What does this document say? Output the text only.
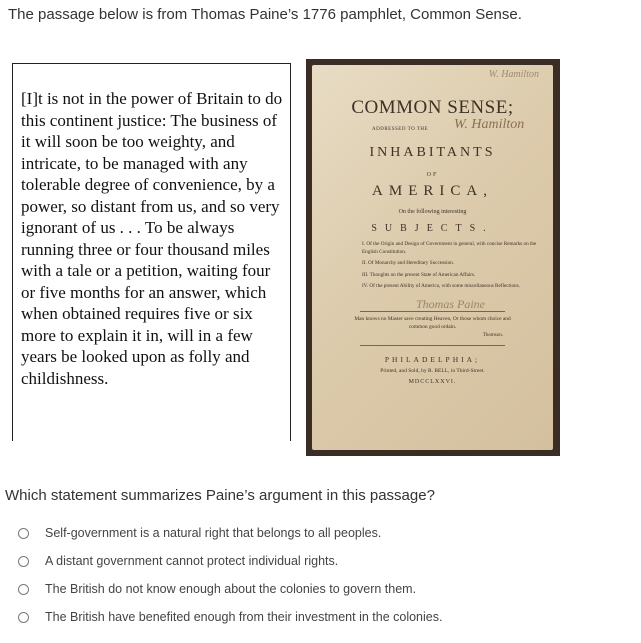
The passage below is from Thomas Paine’s 1776 pamphlet, Common Sense.
[I]t is not in the power of Britain to do this continent justice: The business of it will soon be too weighty, and intricate, to be managed with any tolerable degree of convenience, by a power, so distant from us, and so very ignorant of us . . . To be always running three or four thousand miles with a tale or a petition, waiting four or five months for an answer, which when obtained requires five or six more to explain it in, will in a few years be looked upon as folly and childishness.
W. Hamilton
COMMON SENSE;
ADDRESSED TO THE W. Hamilton
INHABITANTS
OF
AMERICA,
On the following interesting
SUBJECTS.
I. Of the Origin and Design of Government in general, with concise Remarks on the English Constitution.
II. Of Monarchy and Hereditary Succession.
III. Thoughts on the present State of American Affairs.
IV. Of the present Ability of America, with some miscellaneous Reflections.
Thomas Paine
Man knows no Master save creating Heaven, Or those whom choice and common good ordain.
Thomson.
PHILADELPHIA;
Printed, and Sold, by R. BELL, in Third-Street.
MDCCLXXVI.
Which statement summarizes Paine’s argument in this passage?
Self-government is a natural right that belongs to all peoples.
A distant government cannot protect individual rights.
The British do not know enough about the colonies to govern them.
The British have benefited enough from their investment in the colonies.
